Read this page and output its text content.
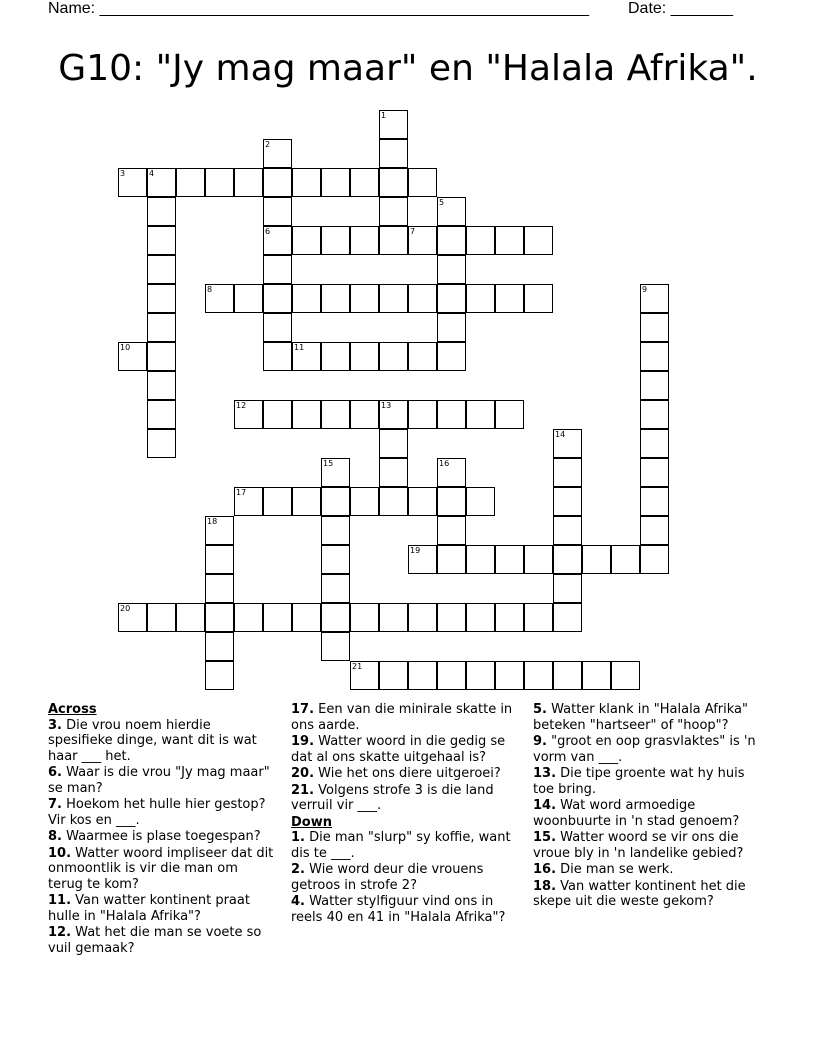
Name: _______________________________________________________ Date: _______
G10: "Jy mag maar" en "Halala Afrika".
1
2
3	4
5
6	7
8	9
10	11
12	13
14
15	16
17
18
19
20
21
Across
3. Die vrou noem hierdie spesifieke dinge, want dit is wat haar ___ het.
6. Waar is die vrou "Jy mag maar" se man?
7. Hoekom het hulle hier gestop? Vir kos en ___.
8. Waarmee is plase toegespan?
10. Watter woord impliseer dat dit onmoontlik is vir die man om terug te kom?
11. Van watter kontinent praat hulle in "Halala Afrika"?
12. Wat het die man se voete so vuil gemaak?
17. Een van die minirale skatte in ons aarde.
19. Watter woord in die gedig se dat al ons skatte uitgehaal is?
20. Wie het ons diere uitgeroei?
21. Volgens strofe 3 is die land verruil vir ___.
Down
1. Die man "slurp" sy koffie, want dis te ___.
2. Wie word deur die vrouens getroos in strofe 2?
4. Watter stylfiguur vind ons in reels 40 en 41 in "Halala Afrika"?
5. Watter klank in "Halala Afrika" beteken "hartseer" of "hoop"?
9. "groot en oop grasvlaktes" is 'n vorm van ___.
13. Die tipe groente wat hy huis toe bring.
14. Wat word armoedige woonbuurte in 'n stad genoem?
15. Watter woord se vir ons die vroue bly in 'n landelike gebied?
16. Die man se werk.
18. Van watter kontinent het die skepe uit die weste gekom?
